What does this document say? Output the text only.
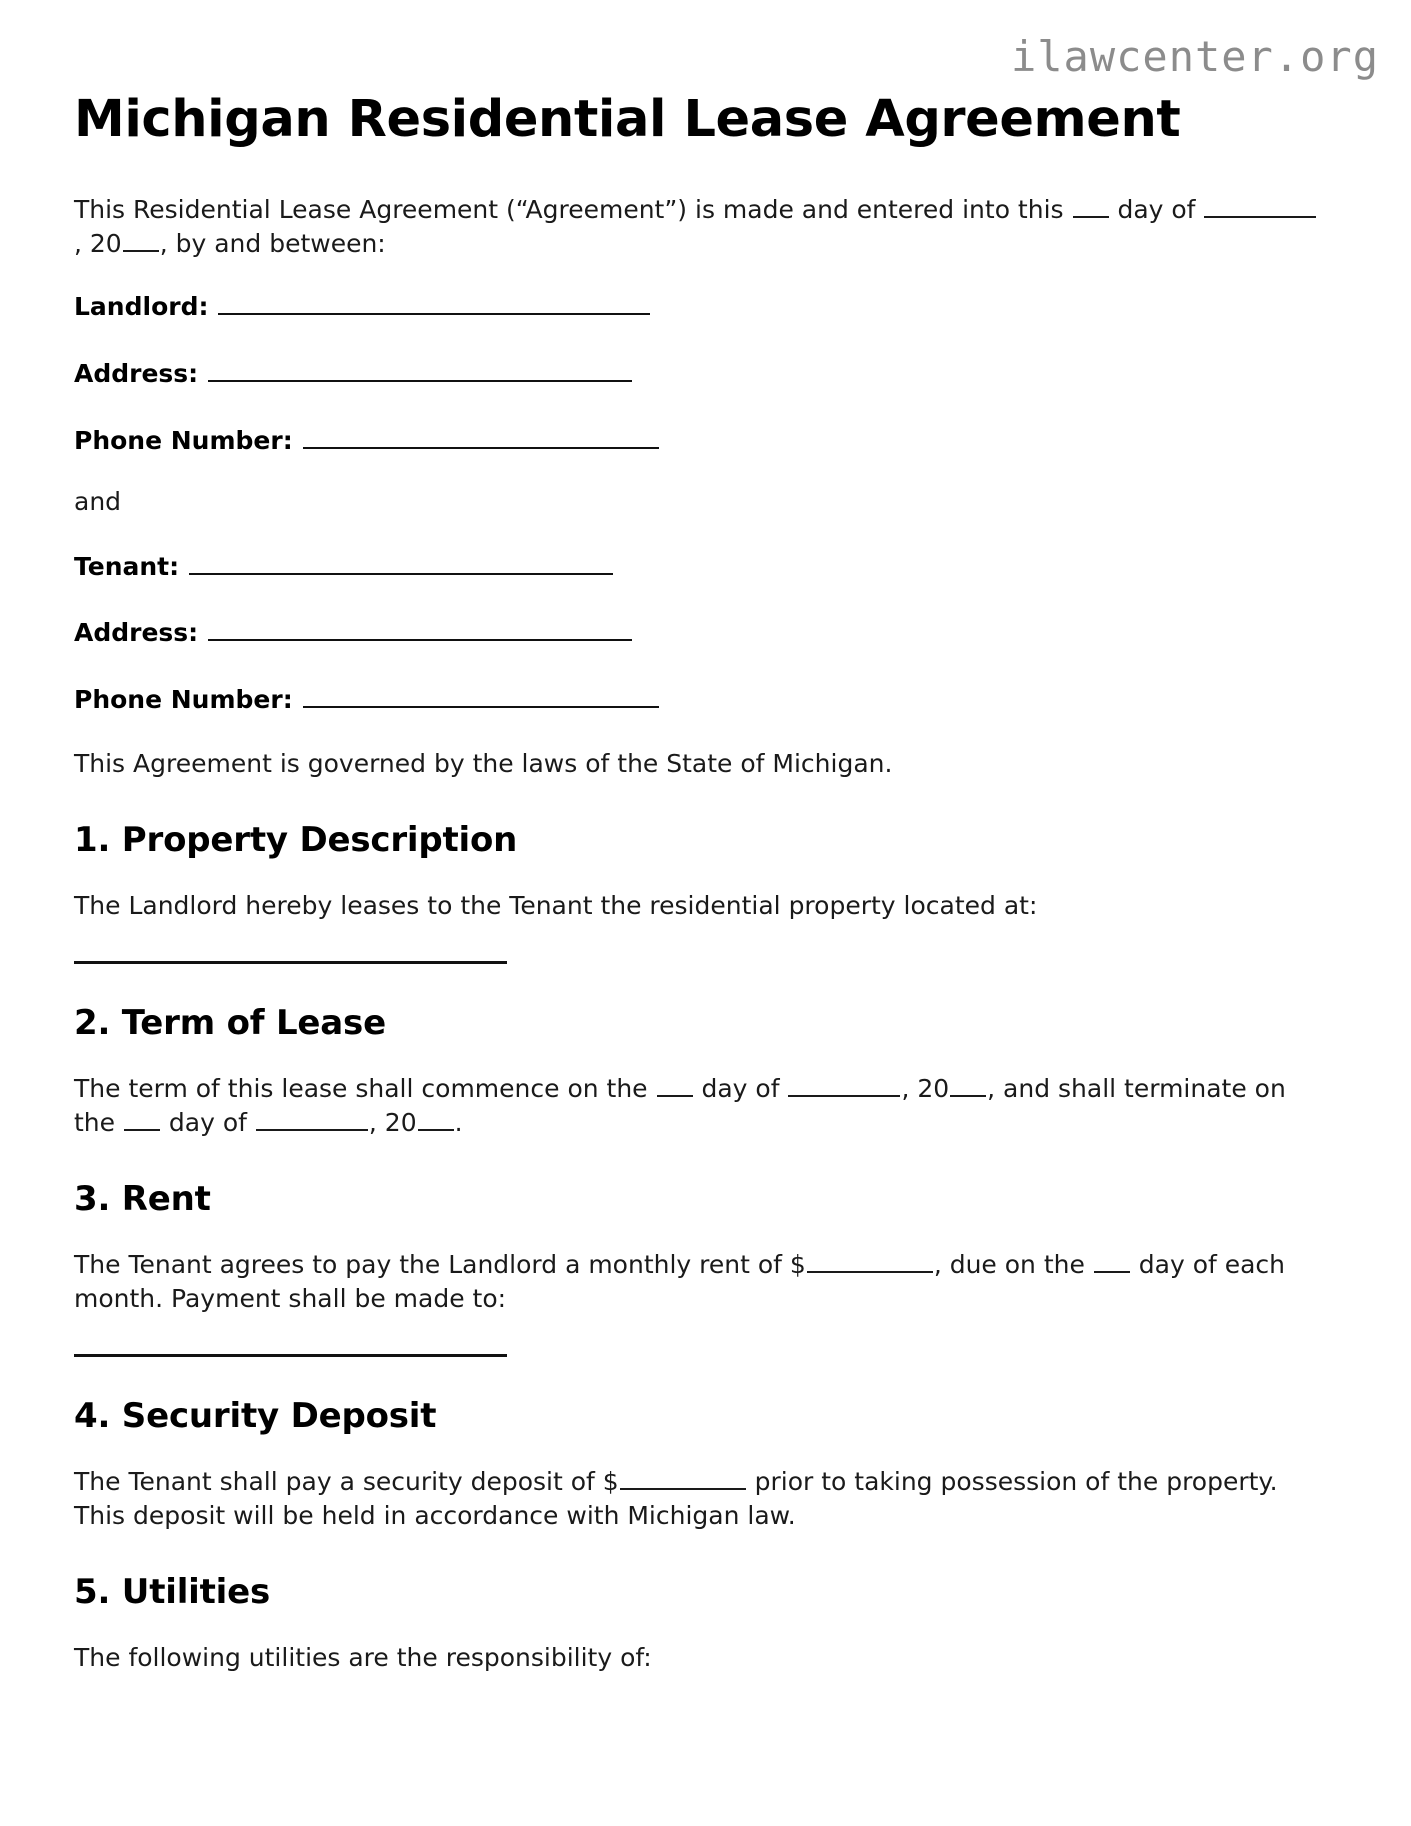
ilawcenter.org
Michigan Residential Lease Agreement

This Residential Lease Agreement (“Agreement”) is made and entered into this  day of , 20 , by and between:

Landlord:
Address:
Phone Number:
and
Tenant:
Address:
Phone Number:

This Agreement is governed by the laws of the State of Michigan.

1. Property Description

The Landlord hereby leases to the Tenant the residential property located at:

2. Term of Lease

The term of this lease shall commence on the  day of	, 20 , and shall terminate on the  day of	, 20 .

3. Rent

The Tenant agrees to pay the Landlord a monthly rent of $	, due on the  day of each month. Payment shall be made to:

4. Security Deposit

The Tenant shall pay a security deposit of $	prior to taking possession of the property. This deposit will be held in accordance with Michigan law.

5. Utilities

The following utilities are the responsibility of:
